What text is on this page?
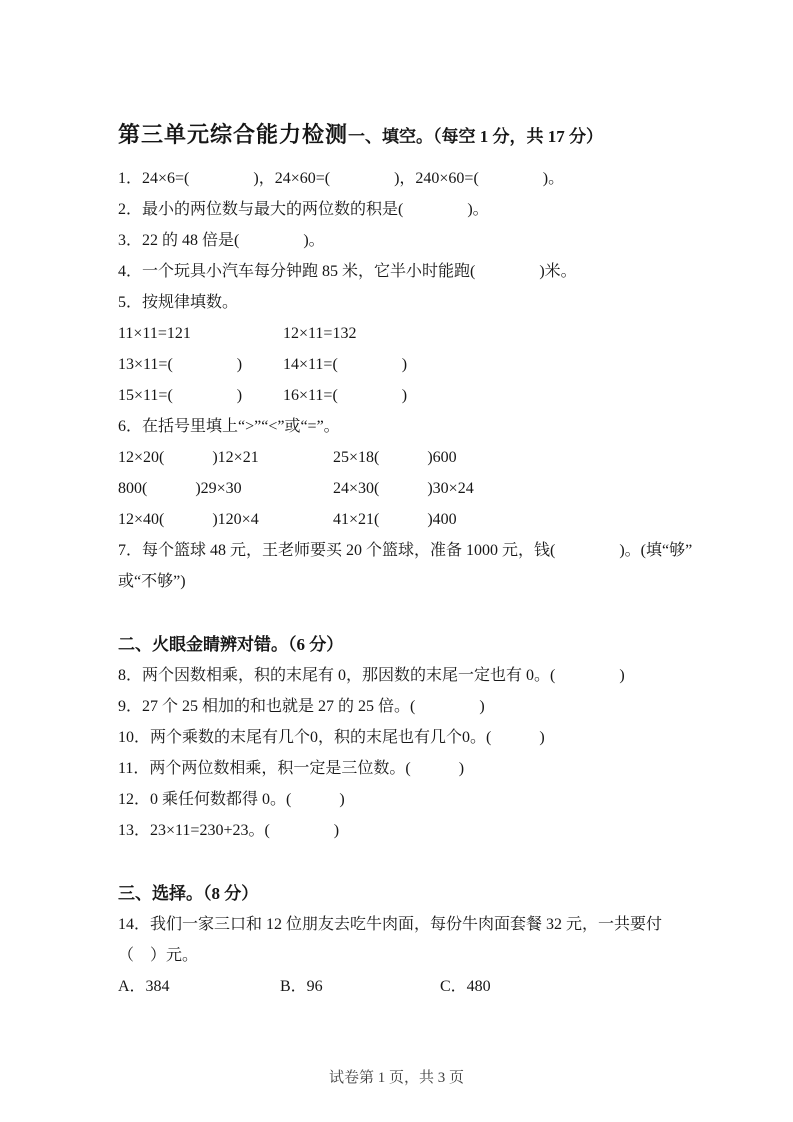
第三单元综合能力检测一、填空。（每空 1 分，共 17 分）
1．24×6=(　　　　)，24×60=(　　　　)，240×60=(　　　　)。
2．最小的两位数与最大的两位数的积是(　　　　)。
3．22 的 48 倍是(　　　　)。
4．一个玩具小汽车每分钟跑 85 米，它半小时能跑(　　　　)米。
5．按规律填数。
11×11=121	12×11=132
13×11=(　　　　)	14×11=(　　　　)
15×11=(　　　　)	16×11=(　　　　)
6．在括号里填上“>”“<”或“=”。
12×20(　　　)12×21	25×18(　　　)600
800(　　　)29×30	24×30(　　　)30×24
12×40(　　　)120×4	41×21(　　　)400
7．每个篮球 48 元，王老师要买 20 个篮球，准备 1000 元，钱(　　　　)。(填“够”
或“不够”)
二、火眼金睛辨对错。（6 分）
8．两个因数相乘，积的末尾有 0，那因数的末尾一定也有 0。(　　　　)
9．27 个 25 相加的和也就是 27 的 25 倍。(　　　　)
10．两个乘数的末尾有几个0，积的末尾也有几个0。(　　　)
11．两个两位数相乘，积一定是三位数。(　　　)
12．0 乘任何数都得 0。(　　　)
13．23×11=230+23。(　　　　)
三、选择。（8 分）
14．我们一家三口和 12 位朋友去吃牛肉面，每份牛肉面套餐 32 元，一共要付
（　）元。
A．384	B．96	C．480
试卷第 1 页，共 3 页
